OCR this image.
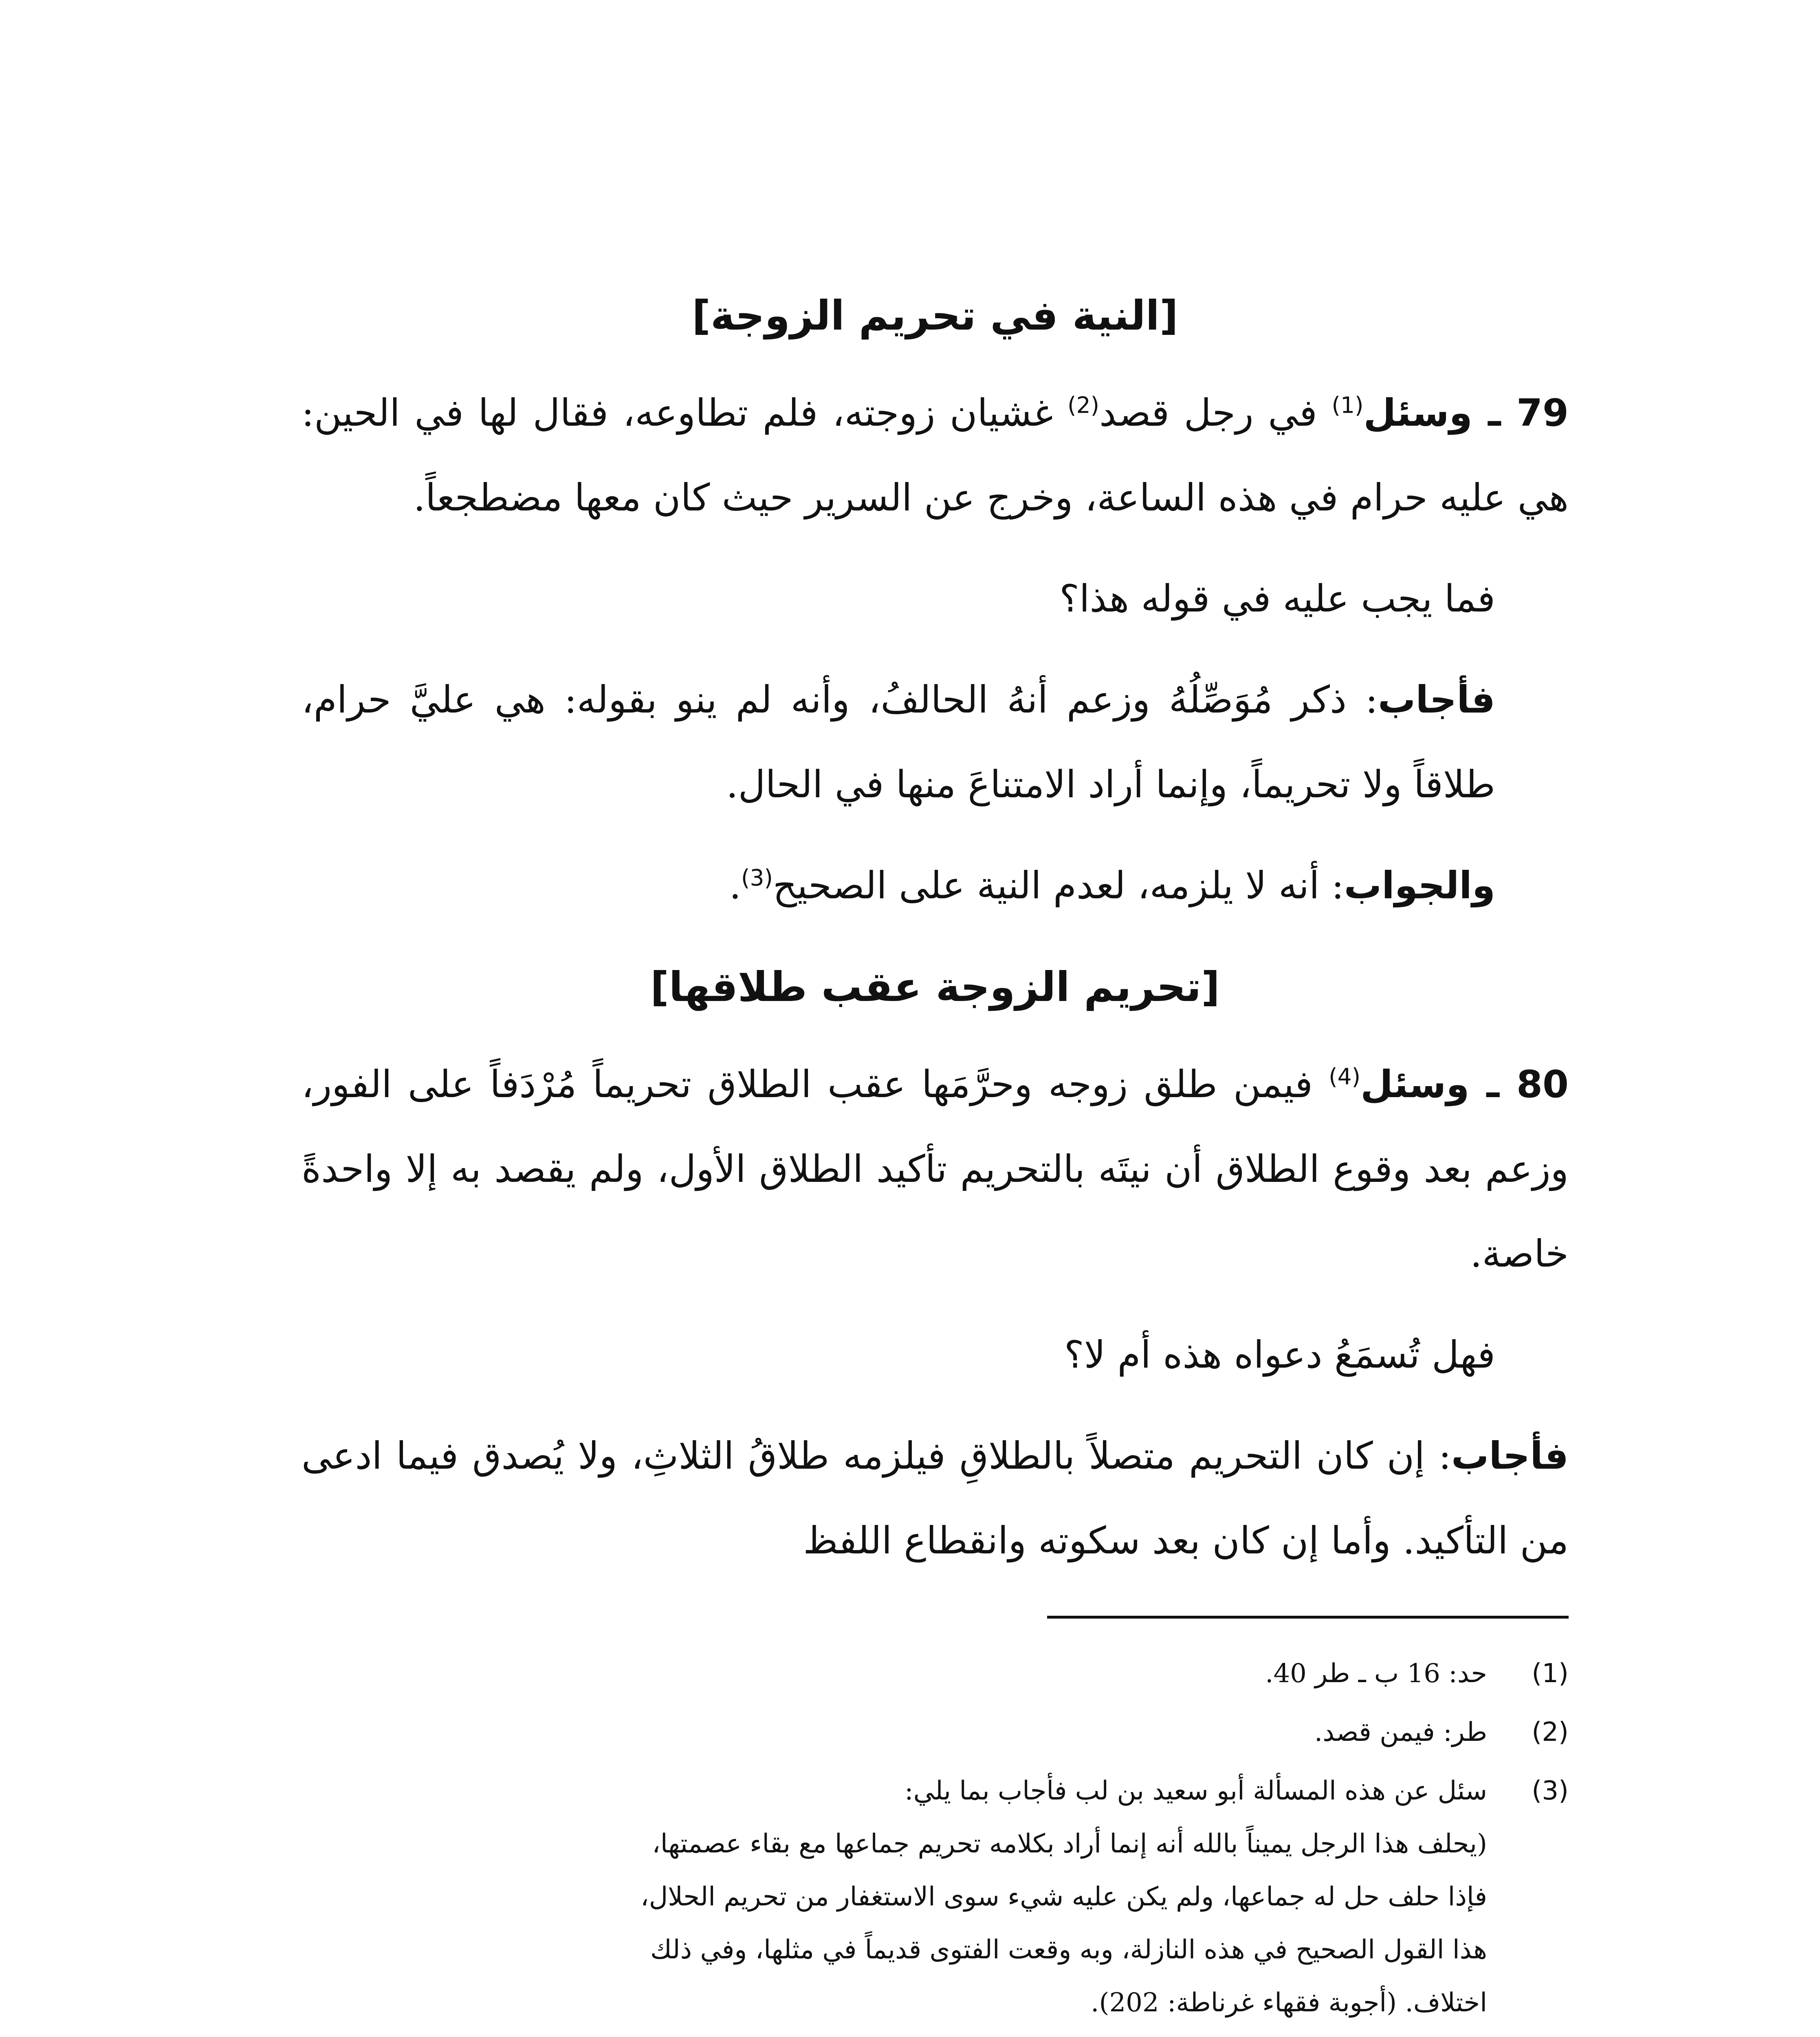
[النية في تحريم الزوجة]

79 ـ وسئل$^{(1)}$ في رجل قصد$^{(2)}$ غشيان زوجته، فلم تطاوعه، فقال لها في الحين: هي عليه حرام في هذه الساعة، وخرج عن السرير حيث كان معها مضطجعاً.

فما يجب عليه في قوله هذا؟

فأجاب: ذكر مُوَصِّلُهُ وزعم أنهُ الحالفُ، وأنه لم ينو بقوله: هي عليَّ حرام، طلاقاً ولا تحريماً، وإنما أراد الامتناعَ منها في الحال.

والجواب: أنه لا يلزمه، لعدم النية على الصحيح$^{(3)}$.

[تحريم الزوجة عقب طلاقها]

80 ـ وسئل$^{(4)}$ فيمن طلق زوجه وحرَّمَها عقب الطلاق تحريماً مُرْدَفاً على الفور، وزعم بعد وقوع الطلاق أن نيتَه بالتحريم تأكيد الطلاق الأول، ولم يقصد به إلا واحدةً خاصة.

فهل تُسمَعُ دعواه هذه أم لا؟

فأجاب: إن كان التحريم متصلاً بالطلاقِ فيلزمه طلاقُ الثلاثِ، ولا يُصدق فيما ادعى من التأكيد. وأما إن كان بعد سكوته وانقطاع اللفظ

(1)
حد: 16 ب ـ طر 40.
(2)
طر: فيمن قصد.
(3)
سئل عن هذه المسألة أبو سعيد بن لب فأجاب بما يلي:
(يحلف هذا الرجل يميناً بالله أنه إنما أراد بكلامه تحريم جماعها مع بقاء عصمتها،
فإذا حلف حل له جماعها، ولم يكن عليه شيء سوى الاستغفار من تحريم الحلال،
هذا القول الصحيح في هذه النازلة، وبه وقعت الفتوى قديماً في مثلها، وفي ذلك
اختلاف. (أجوبة فقهاء غرناطة: 202).
